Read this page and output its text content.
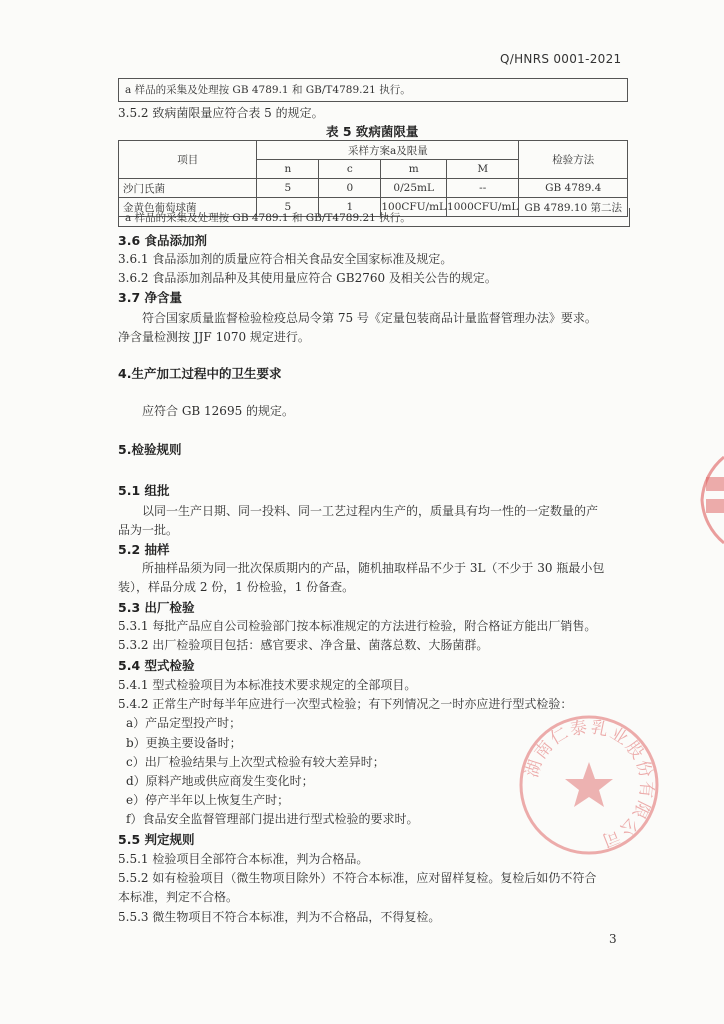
Q/HNRS 0001-2021
a 样品的采集及处理按 GB 4789.1 和 GB/T4789.21 执行。
3.5.2 致病菌限量应符合表 5 的规定。
表 5 致病菌限量
项目	采样方案a及限量				检验方法
	n	c	m	M	
沙门氏菌	5	0	0/25mL	--	GB 4789.4
金黄色葡萄球菌	5	1	100CFU/mL	1000CFU/mL	GB 4789.10 第二法
a 样品的采集及处理按 GB 4789.1 和 GB/T4789.21 执行。
3.6 食品添加剂
3.6.1 食品添加剂的质量应符合相关食品安全国家标准及规定。
3.6.2 食品添加剂品种及其使用量应符合 GB2760 及相关公告的规定。
3.7 净含量
符合国家质量监督检验检疫总局令第 75 号《定量包装商品计量监督管理办法》要求。
净含量检测按 JJF 1070 规定进行。
4.生产加工过程中的卫生要求
应符合 GB 12695 的规定。
5.检验规则
5.1 组批
以同一生产日期、同一投料、同一工艺过程内生产的，质量具有均一性的一定数量的产
品为一批。
5.2 抽样
所抽样品须为同一批次保质期内的产品，随机抽取样品不少于 3L（不少于 30 瓶最小包
装），样品分成 2 份，1 份检验，1 份备查。
5.3 出厂检验
5.3.1 每批产品应自公司检验部门按本标准规定的方法进行检验，附合格证方能出厂销售。
5.3.2 出厂检验项目包括：感官要求、净含量、菌落总数、大肠菌群。
5.4 型式检验
5.4.1 型式检验项目为本标准技术要求规定的全部项目。
5.4.2 正常生产时每半年应进行一次型式检验；有下列情况之一时亦应进行型式检验：
a）产品定型投产时；
b）更换主要设备时；
c）出厂检验结果与上次型式检验有较大差异时；
d）原料产地或供应商发生变化时；
e）停产半年以上恢复生产时；
f）食品安全监督管理部门提出进行型式检验的要求时。
5.5 判定规则
5.5.1 检验项目全部符合本标准，判为合格品。
5.5.2 如有检验项目（微生物项目除外）不符合本标准，应对留样复检。复检后如仍不符合
本标准，判定不合格。
5.5.3 微生物项目不符合本标准，判为不合格品，不得复检。
3
湖南仁泰乳业股份有限公司
